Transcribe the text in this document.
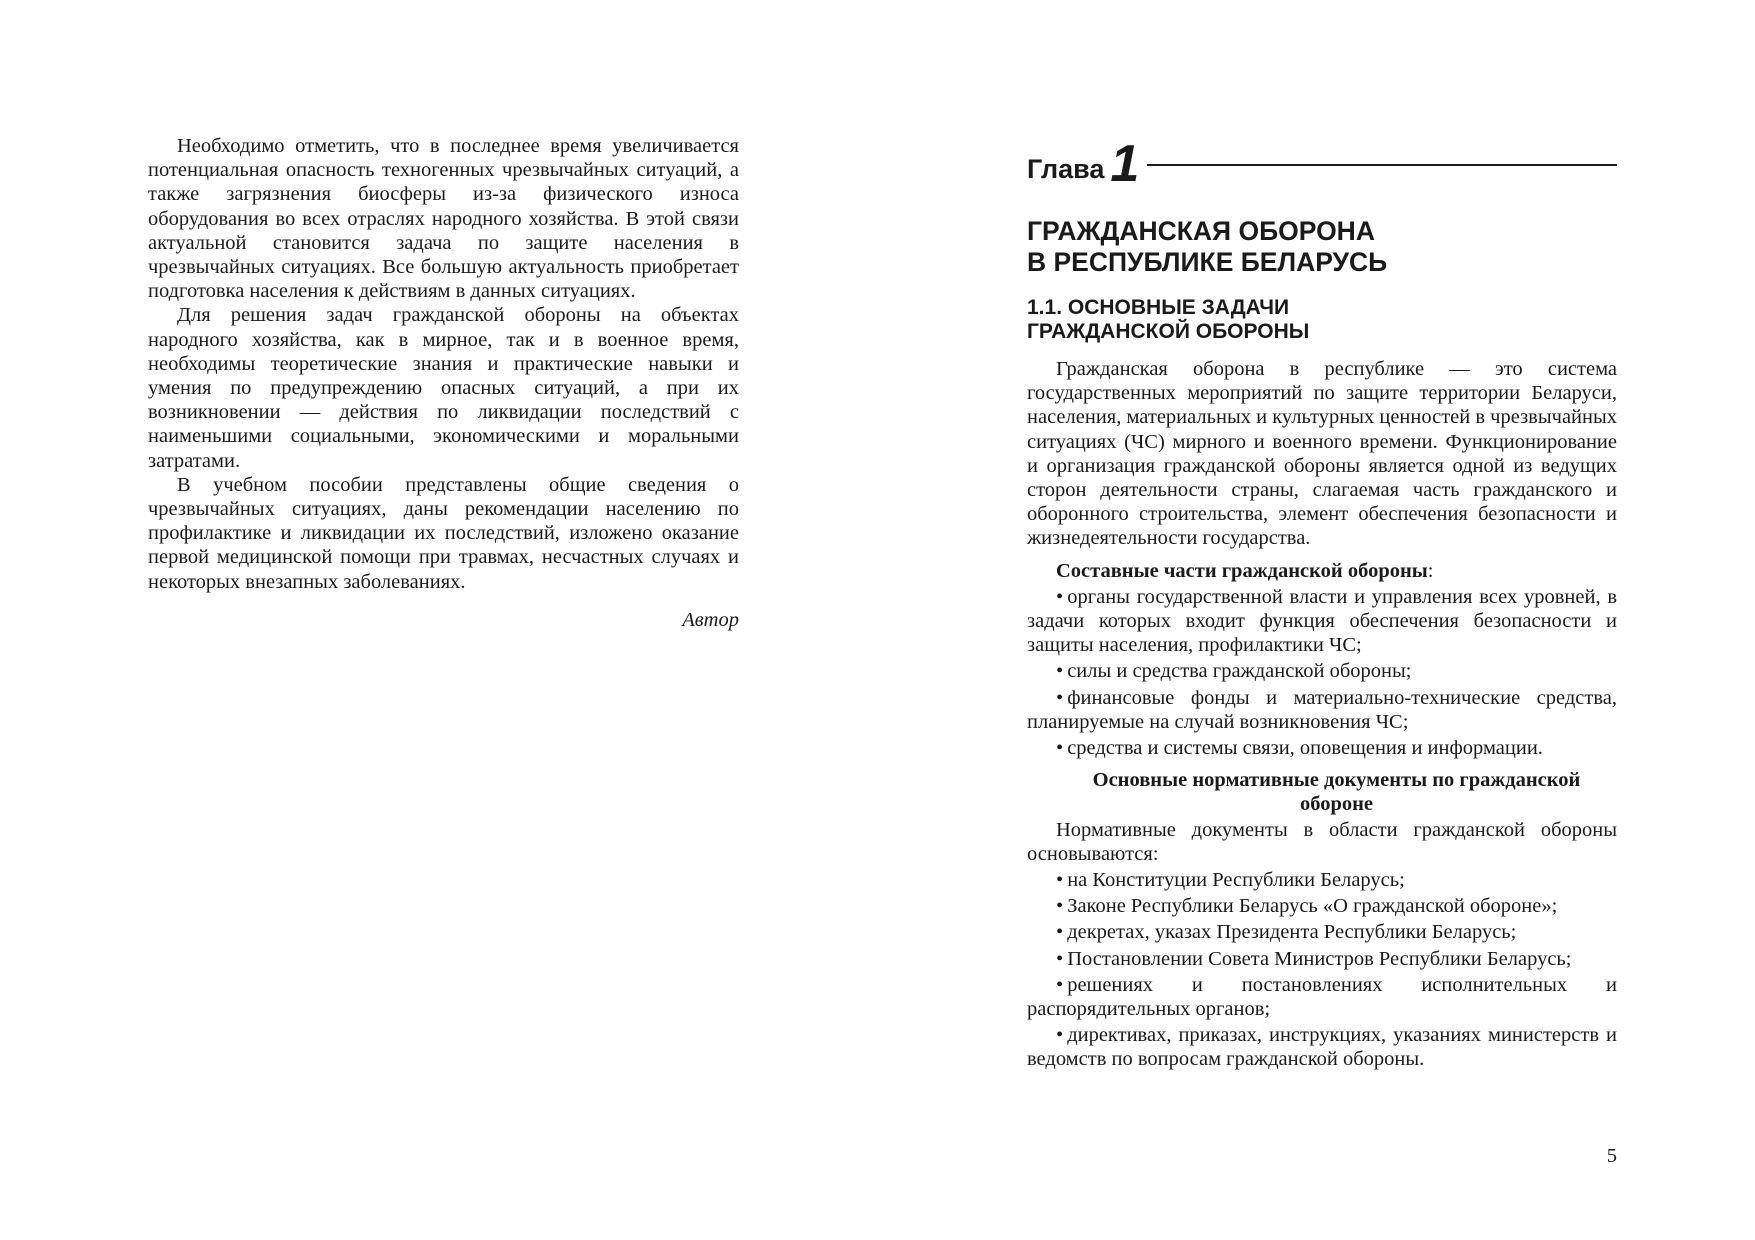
Необходимо отметить, что в последнее время увеличивается потенциальная опасность техногенных чрезвычайных ситуаций, а также загрязнения биосферы из-за физического износа оборудования во всех отраслях народного хозяйства. В этой связи актуальной становится задача по защите населения в чрезвычайных ситуациях. Все большую актуальность приобретает подготовка населения к действиям в данных ситуациях.

Для решения задач гражданской обороны на объектах народного хозяйства, как в мирное, так и в военное время, необходимы теоретические знания и практические навыки и умения по предупреждению опасных ситуаций, а при их возникновении — действия по ликвидации последствий с наименьшими социальными, экономическими и моральными затратами.

В учебном пособии представлены общие сведения о чрезвычайных ситуациях, даны рекомендации населению по профилактике и ликвидации их последствий, изложено оказание первой медицинской помощи при травмах, несчастных случаях и некоторых внезапных заболеваниях.

Автор

Глава 1
ГРАЖДАНСКАЯ ОБОРОНА
В РЕСПУБЛИКЕ БЕЛАРУСЬ
1.1. ОСНОВНЫЕ ЗАДАЧИ
ГРАЖДАНСКОЙ ОБОРОНЫ

Гражданская оборона в республике — это система государственных мероприятий по защите территории Беларуси, населения, материальных и культурных ценностей в чрезвычайных ситуациях (ЧС) мирного и военного времени. Функционирование и организация гражданской обороны является одной из ведущих сторон деятельности страны, слагаемая часть гражданского и оборонного строительства, элемент обеспечения безопасности и жизнедеятельности государства.

Составные части гражданской обороны:

• органы государственной власти и управления всех уровней, в задачи которых входит функция обеспечения безопасности и защиты населения, профилактики ЧС;
• силы и средства гражданской обороны;
• финансовые фонды и материально-технические средства, планируемые на случай возникновения ЧС;
• средства и системы связи, оповещения и информации.

Основные нормативные документы по гражданской обороне

Нормативные документы в области гражданской обороны основываются:

• на Конституции Республики Беларусь;
• Законе Республики Беларусь «О гражданской обороне»;
• декретах, указах Президента Республики Беларусь;
• Постановлении Совета Министров Республики Беларусь;
• решениях и постановлениях исполнительных и распорядительных органов;
• директивах, приказах, инструкциях, указаниях министерств и ведомств по вопросам гражданской обороны.
5
